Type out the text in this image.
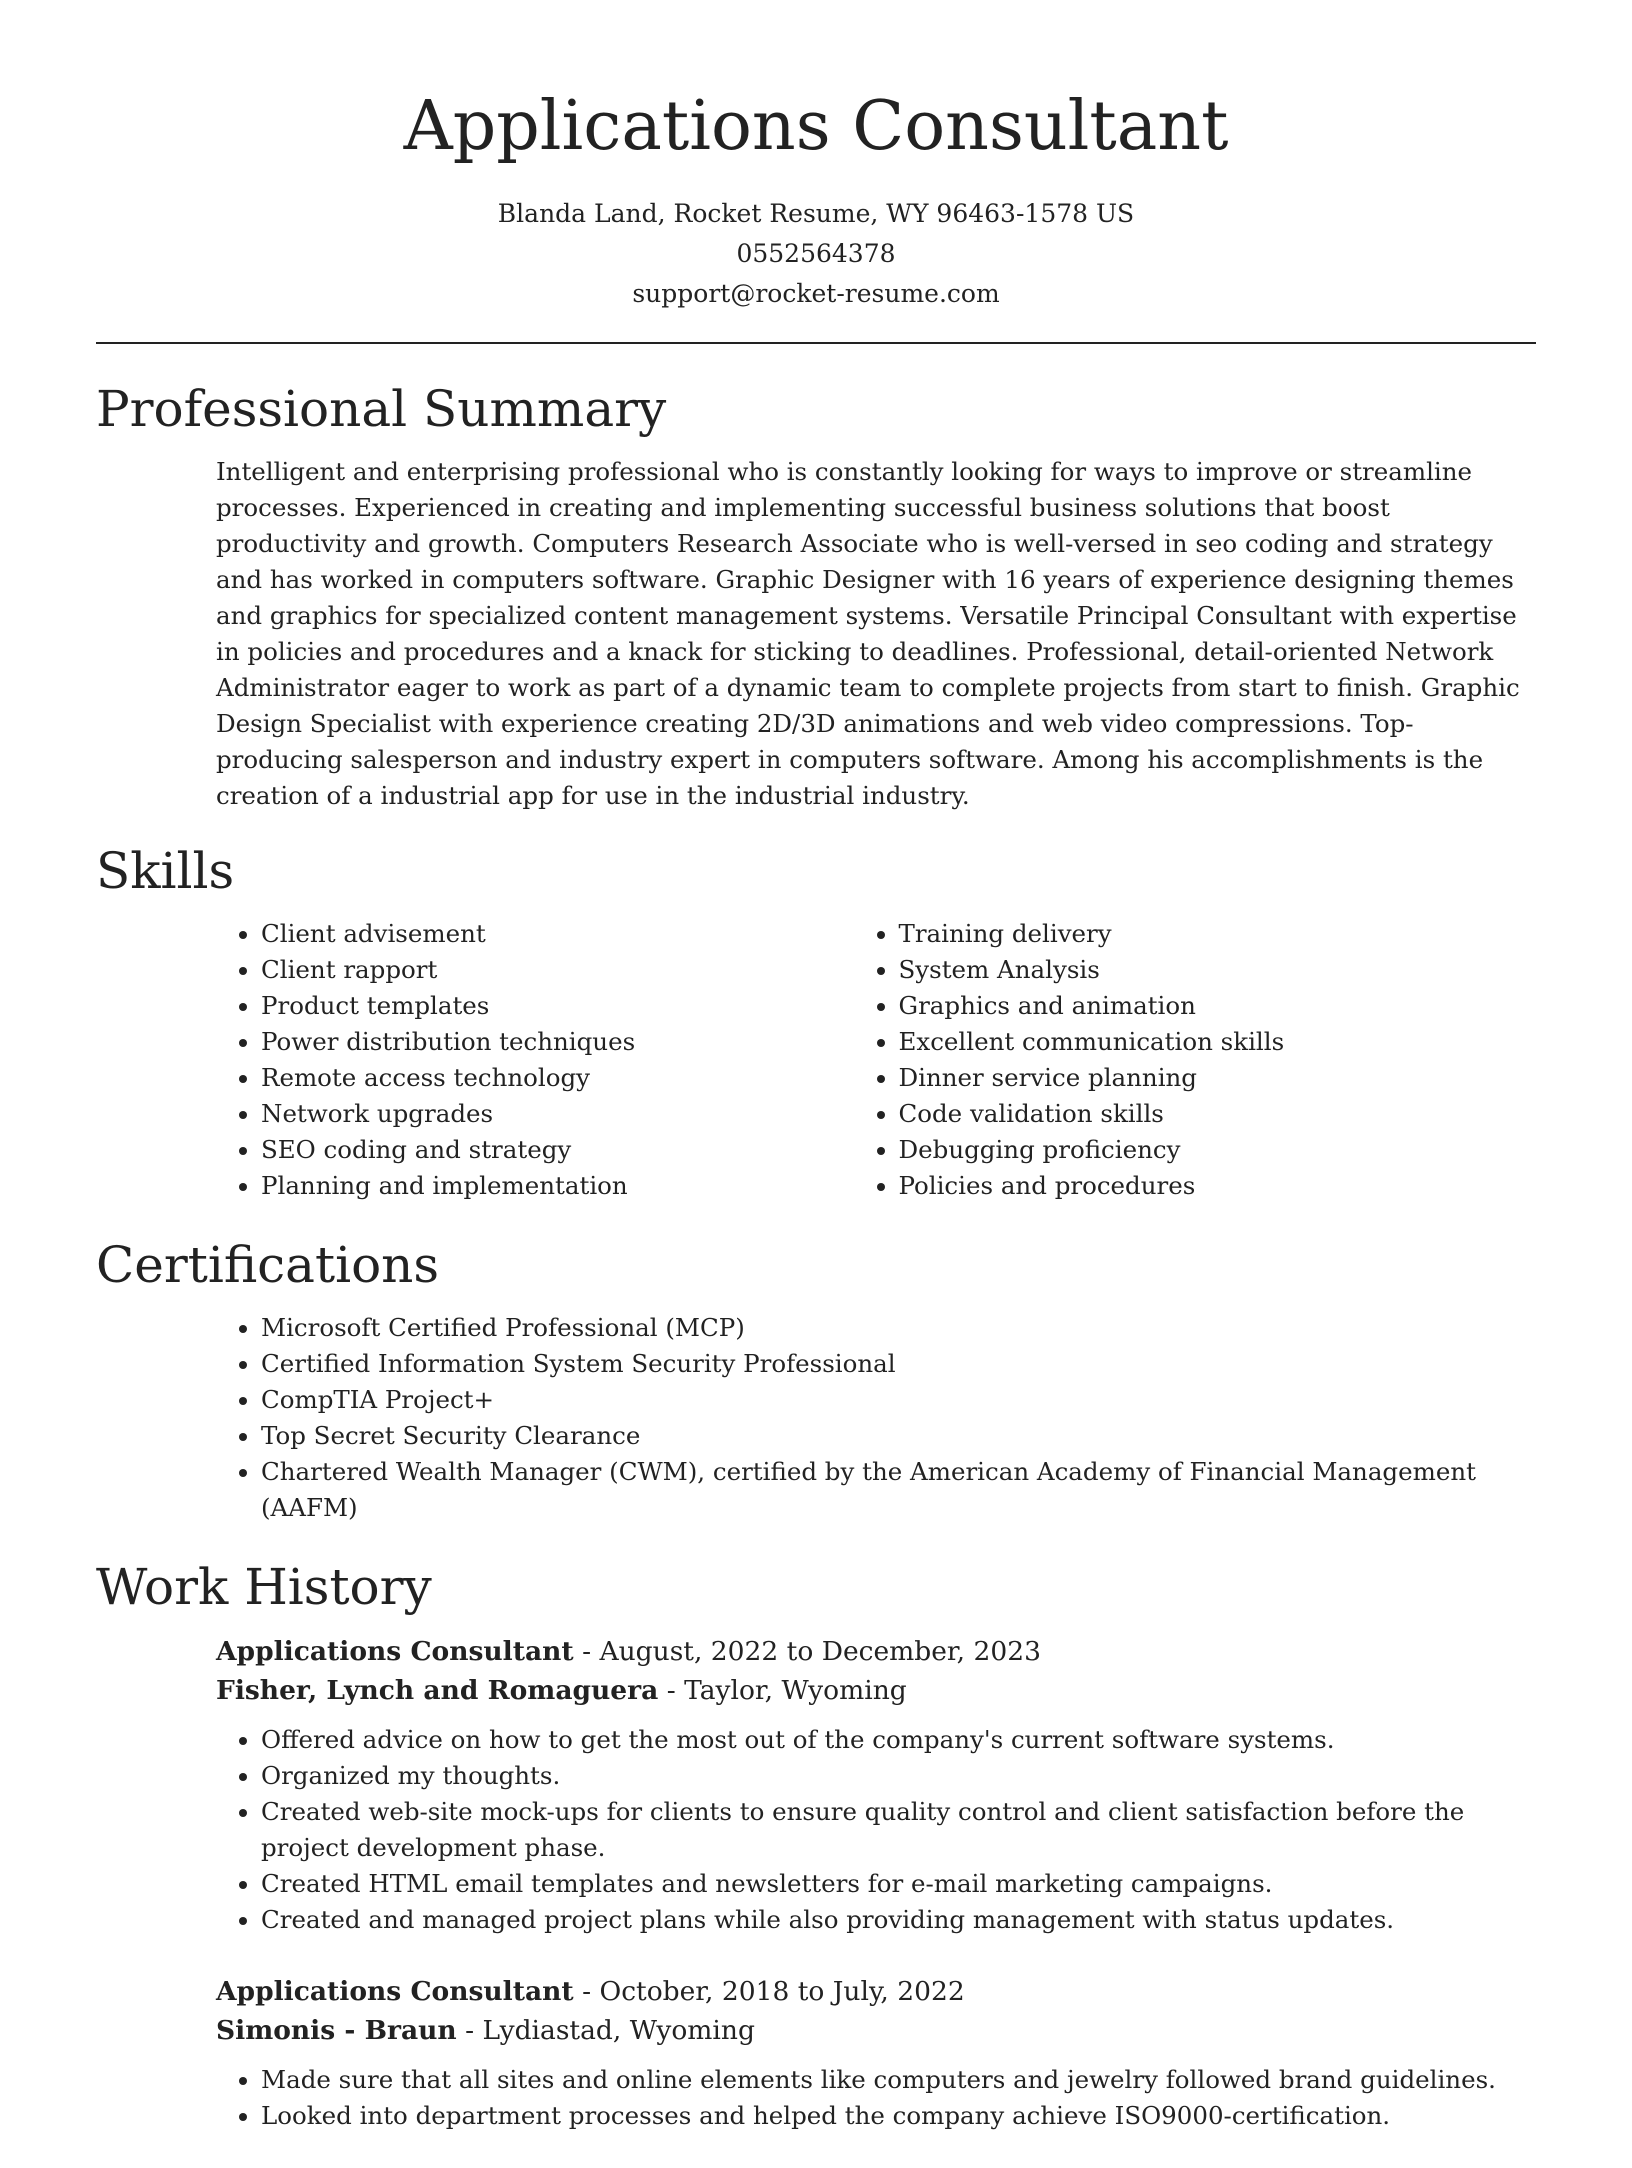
Applications Consultant
Blanda Land, Rocket Resume, WY 96463-1578 US
0552564378
support@rocket-resume.com
Professional Summary

Intelligent and enterprising professional who is constantly looking for ways to improve or streamline processes. Experienced in creating and implementing successful business solutions that boost productivity and growth. Computers Research Associate who is well-versed in seo coding and strategy and has worked in computers software. Graphic Designer with 16 years of experience designing themes and graphics for specialized content management systems. Versatile Principal Consultant with expertise in policies and procedures and a knack for sticking to deadlines. Professional, detail-oriented Network Administrator eager to work as part of a dynamic team to complete projects from start to finish. Graphic Design Specialist with experience creating 2D/3D animations and web video compressions. Top-producing salesperson and industry expert in computers software. Among his accomplishments is the creation of a industrial app for use in the industrial industry.

Skills
• Client advisement
• Client rapport
• Product templates
• Power distribution techniques
• Remote access technology
• Network upgrades
• SEO coding and strategy
• Planning and implementation
• Training delivery
• System Analysis
• Graphics and animation
• Excellent communication skills
• Dinner service planning
• Code validation skills
• Debugging proficiency
• Policies and procedures
Certifications
• Microsoft Certified Professional (MCP)
• Certified Information System Security Professional
• CompTIA Project+
• Top Secret Security Clearance
• Chartered Wealth Manager (CWM), certified by the American Academy of Financial Management (AAFM)
Work History
Applications Consultant - August, 2022 to December, 2023
Fisher, Lynch and Romaguera - Taylor, Wyoming
• Offered advice on how to get the most out of the company's current software systems.
• Organized my thoughts.
• Created web-site mock-ups for clients to ensure quality control and client satisfaction before the project development phase.
• Created HTML email templates and newsletters for e-mail marketing campaigns.
• Created and managed project plans while also providing management with status updates.
Applications Consultant - October, 2018 to July, 2022
Simonis - Braun - Lydiastad, Wyoming
• Made sure that all sites and online elements like computers and jewelry followed brand guidelines.
• Looked into department processes and helped the company achieve ISO9000-certification.
